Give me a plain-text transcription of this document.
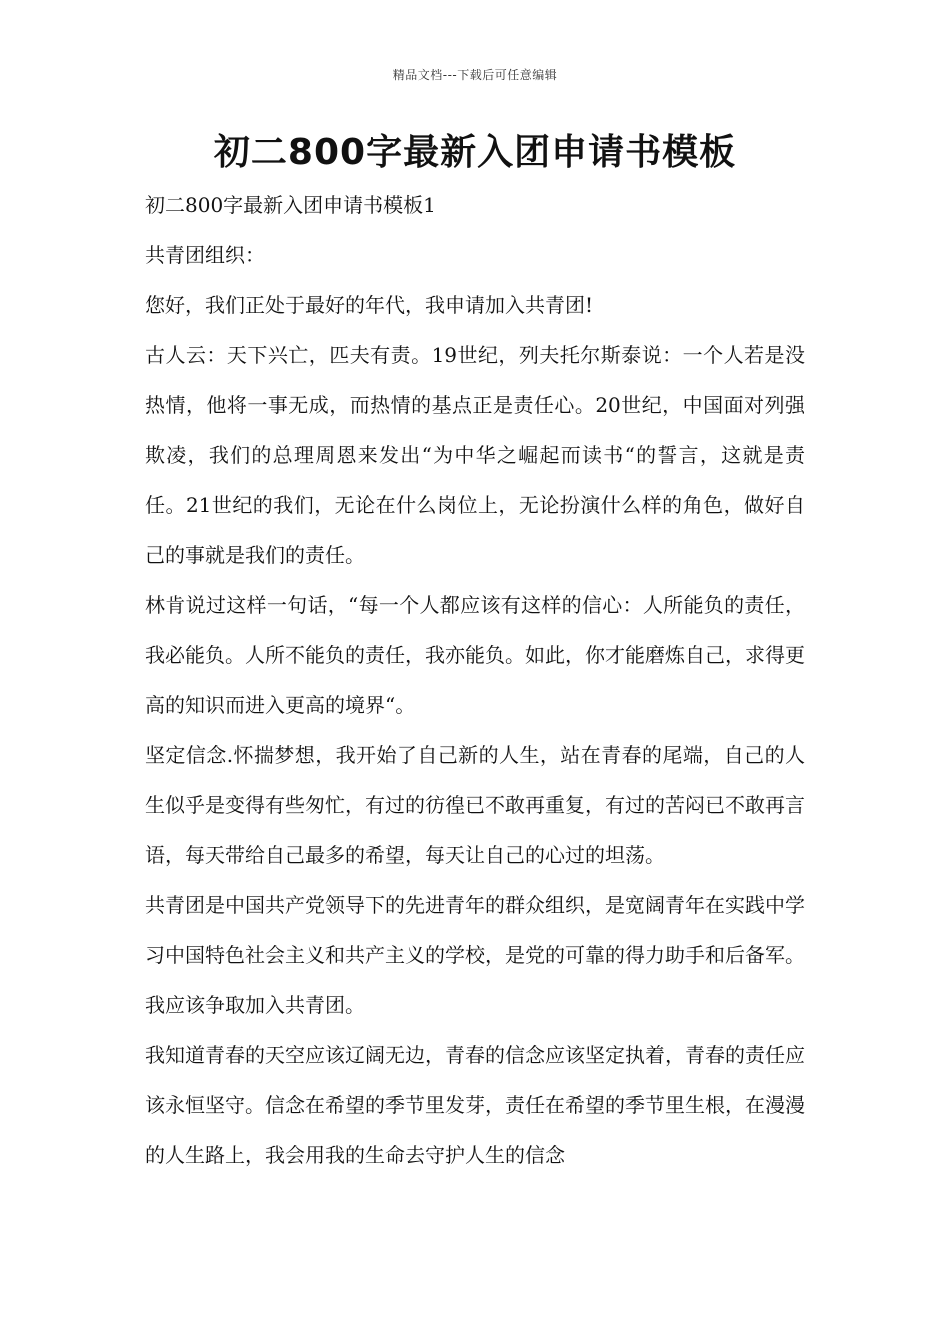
精品文档---下载后可任意编辑
初二800字最新入团申请书模板

初二800字最新入团申请书模板1

共青团组织：

您好，我们正处于最好的年代，我申请加入共青团!

古人云：天下兴亡，匹夫有责。19世纪，列夫托尔斯泰说：一个人若是没热情，他将一事无成，而热情的基点正是责任心。20世纪，中国面对列强欺凌，我们的总理周恩来发出“为中华之崛起而读书“的誓言，这就是责任。21世纪的我们，无论在什么岗位上，无论扮演什么样的角色，做好自己的事就是我们的责任。

林肯说过这样一句话，“每一个人都应该有这样的信心：人所能负的责任，我必能负。人所不能负的责任，我亦能负。如此，你才能磨炼自己，求得更高的知识而进入更高的境界“。

坚定信念.怀揣梦想，我开始了自己新的人生，站在青春的尾端，自己的人生似乎是变得有些匆忙，有过的彷徨已不敢再重复，有过的苦闷已不敢再言语，每天带给自己最多的希望，每天让自己的心过的坦荡。

共青团是中国共产党领导下的先进青年的群众组织，是宽阔青年在实践中学习中国特色社会主义和共产主义的学校，是党的可靠的得力助手和后备军。我应该争取加入共青团。

我知道青春的天空应该辽阔无边，青春的信念应该坚定执着，青春的责任应该永恒坚守。信念在希望的季节里发芽，责任在希望的季节里生根，在漫漫的人生路上，我会用我的生命去守护人生的信念
